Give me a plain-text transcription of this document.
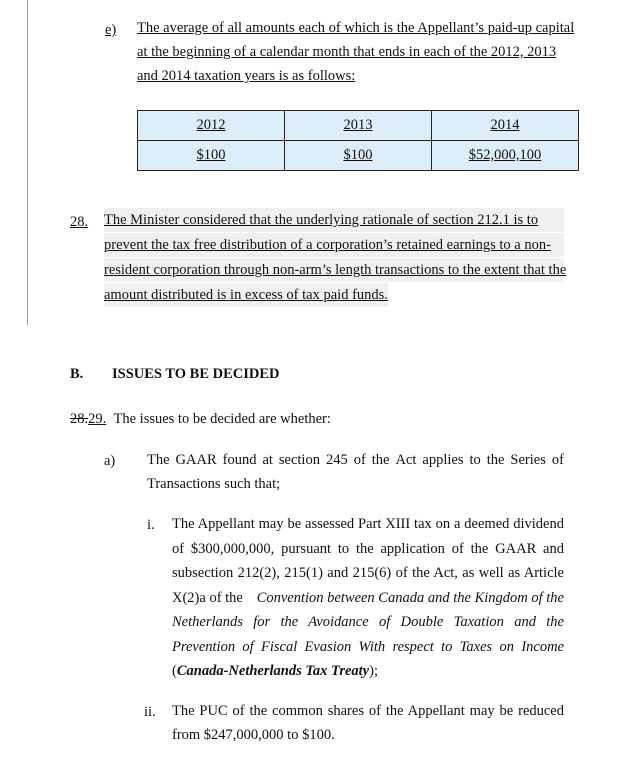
e) The average of all amounts each of which is the Appellant’s paid-up capital
at the beginning of a calendar month that ends in each of the 2012, 2013
and 2014 taxation years is as follows:
2012	2013	2014
$100	$100	$52,000,100
28. The Minister considered that the underlying rationale of section 212.1 is to
prevent the tax free distribution of a corporation’s retained earnings to a non-
resident corporation through non-arm’s length transactions to the extent that the
amount distributed is in excess of tax paid funds.
B. ISSUES TO BE DECIDED
28.29. The issues to be decided are whether:
a) The GAAR found at section 245 of the Act applies to the Series of
Transactions such that;
i. The Appellant may be assessed Part XIII tax on a deemed dividend
of $300,000,000, pursuant to the application of the GAAR and
subsection 212(2), 215(1) and 215(6) of the Act, as well as Article
X(2)a of the Convention between Canada and the Kingdom of the
Netherlands for the Avoidance of Double Taxation and the
Prevention of Fiscal Evasion With respect to Taxes on Income
(Canada-Netherlands Tax Treaty);
ii. The PUC of the common shares of the Appellant may be reduced
from $247,000,000 to $100.
